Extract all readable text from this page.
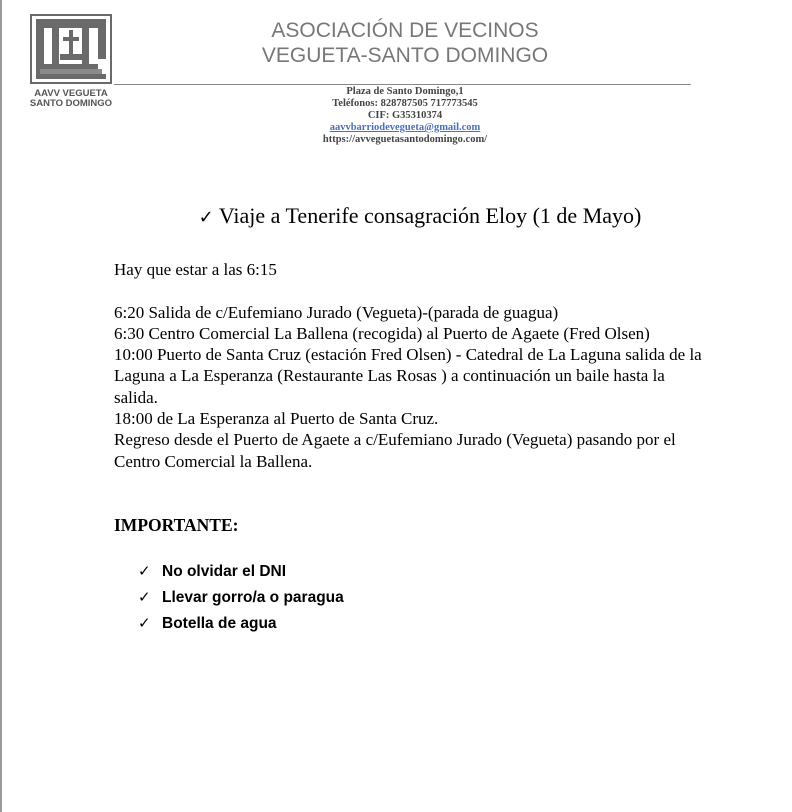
AAVV VEGUETA
SANTO DOMINGO
ASOCIACIÓN DE VECINOS
VEGUETA-SANTO DOMINGO
Plaza de Santo Domingo,1
Teléfonos: 828787505 717773545
CIF: G35310374
aavvbarriodevegueta@gmail.com
https://avveguetasantodomingo.com/
✓ Viaje a Tenerife consagración Eloy (1 de Mayo)

Hay que estar a las 6:15

6:20 Salida de c/Eufemiano Jurado (Vegueta)-(parada de guagua)

6:30 Centro Comercial La Ballena (recogida) al Puerto de Agaete (Fred Olsen)

10:00 Puerto de Santa Cruz (estación Fred Olsen) - Catedral de La Laguna salida de la Laguna a La Esperanza (Restaurante Las Rosas ) a continuación un baile hasta la salida.

18:00 de La Esperanza al Puerto de Santa Cruz.

Regreso desde el Puerto de Agaete a c/Eufemiano Jurado (Vegueta) pasando por el Centro Comercial la Ballena.

IMPORTANTE:
✓ No olvidar el DNI
✓ Llevar gorro/a o paragua
✓ Botella de agua
